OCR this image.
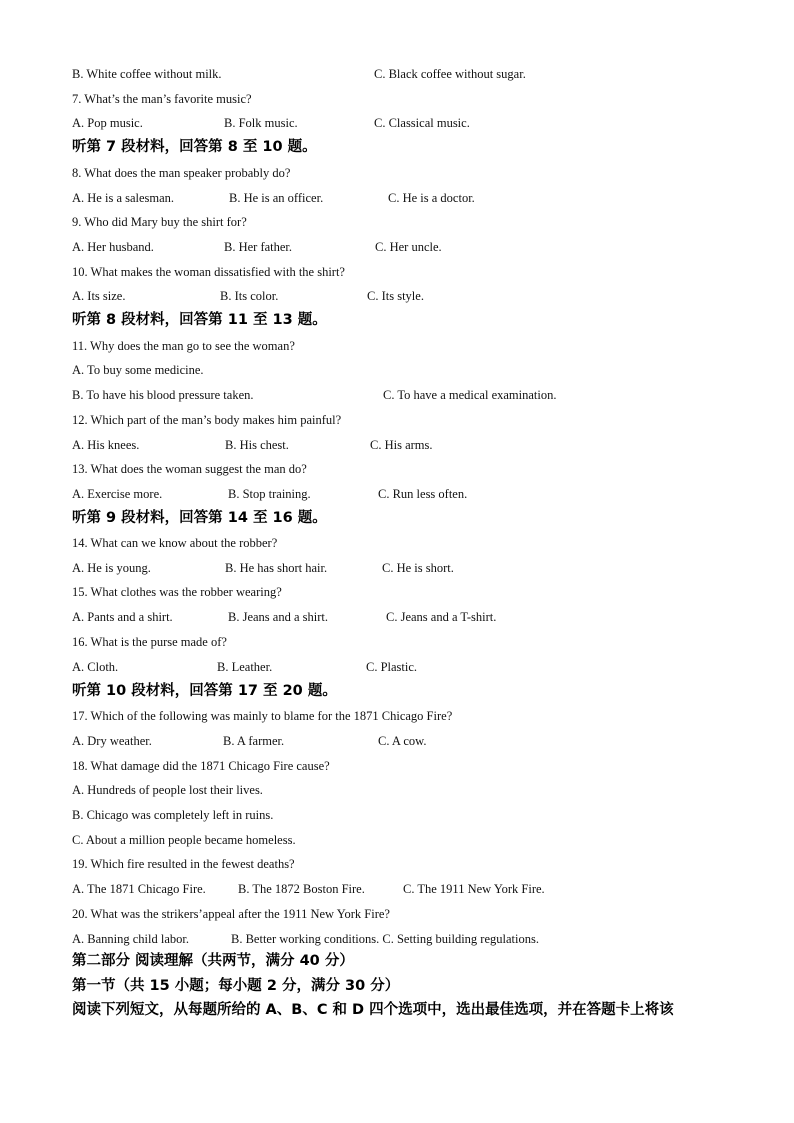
B. White coffee without milk.	C. Black coffee without sugar.
7. What’s the man’s favorite music?
A. Pop music.	B. Folk music.	C. Classical music.
听第 7 段材料，回答第 8 至 10 题。
8. What does the man speaker probably do?
A. He is a salesman.	B. He is an officer.	C. He is a doctor.
9. Who did Mary buy the shirt for?
A. Her husband.	B. Her father.	C. Her uncle.
10. What makes the woman dissatisfied with the shirt?
A. Its size.	B. Its color.	C. Its style.
听第 8 段材料，回答第 11 至 13 题。
11. Why does the man go to see the woman?
A. To buy some medicine.
B. To have his blood pressure taken.	C. To have a medical examination.
12. Which part of the man’s body makes him painful?
A. His knees.	B. His chest.	C. His arms.
13. What does the woman suggest the man do?
A. Exercise more.	B. Stop training.	C. Run less often.
听第 9 段材料，回答第 14 至 16 题。
14. What can we know about the robber?
A. He is young.	B. He has short hair.	C. He is short.
15. What clothes was the robber wearing?
A. Pants and a shirt.	B. Jeans and a shirt.	C. Jeans and a T-shirt.
16. What is the purse made of?
A. Cloth.	B. Leather.	C. Plastic.
听第 10 段材料，回答第 17 至 20 题。
17. Which of the following was mainly to blame for the 1871 Chicago Fire?
A. Dry weather.	B. A farmer.	C. A cow.
18. What damage did the 1871 Chicago Fire cause?
A. Hundreds of people lost their lives.
B. Chicago was completely left in ruins.
C. About a million people became homeless.
19. Which fire resulted in the fewest deaths?
A. The 1871 Chicago Fire.	B. The 1872 Boston Fire.	C. The 1911 New York Fire.
20. What was the strikers’appeal after the 1911 New York Fire?
A. Banning child labor.	B. Better working conditions. C. Setting building regulations.
第二部分 阅读理解（共两节，满分 40 分）
第一节（共 15 小题；每小题 2 分，满分 30 分）
阅读下列短文，从每题所给的 A、B、C 和 D 四个选项中，选出最佳选项，并在答题卡上将该
